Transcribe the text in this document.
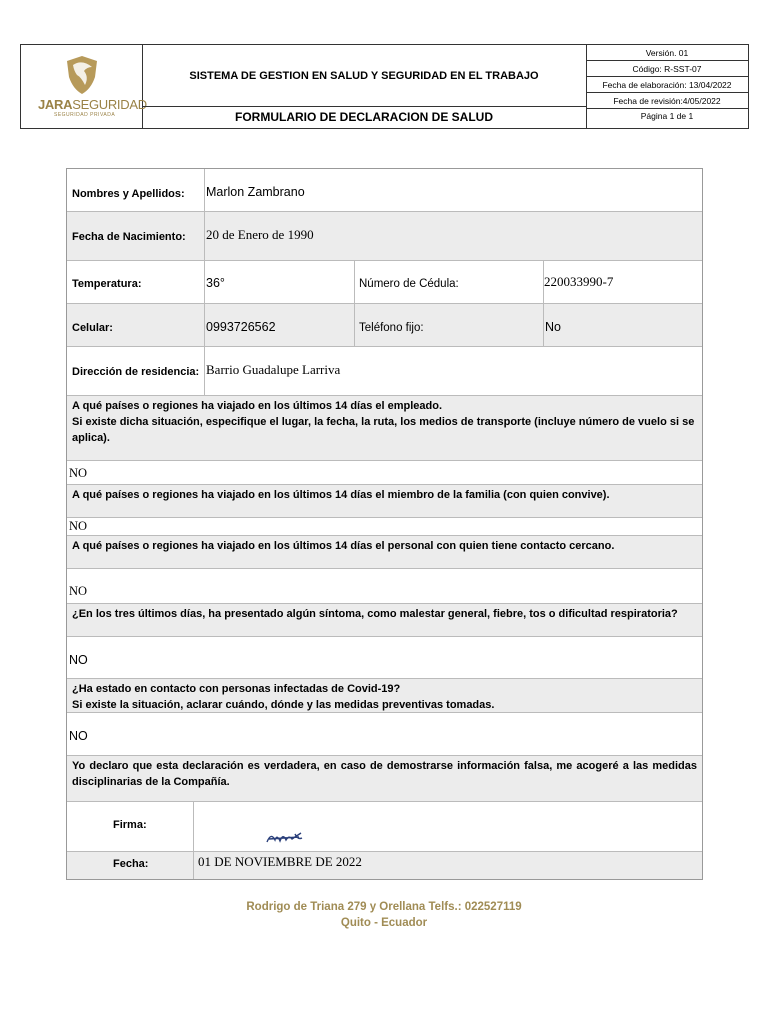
JARASEGURIDAD
SEGURIDAD PRIVADA
SISTEMA DE GESTION EN SALUD Y SEGURIDAD EN EL TRABAJO
FORMULARIO DE DECLARACION DE SALUD
Versión. 01
Código: R-SST-07
Fecha de elaboración: 13/04/2022
Fecha de revisión:4/05/2022
Página 1 de 1
Nombres y Apellidos: Marlon Zambrano
Fecha de Nacimiento: 20 de Enero de 1990
Temperatura:	36°	Número de Cédula:	220033990-7
Celular:	0993726562	Teléfono fijo:	No
Dirección de residencia: Barrio Guadalupe Larriva
A qué países o regiones ha viajado en los últimos 14 días el empleado.
Si existe dicha situación, especifique el lugar, la fecha, la ruta, los medios de transporte (incluye número de vuelo si se aplica).
NO
A qué países o regiones ha viajado en los últimos 14 días el miembro de la familia (con quien convive).
NO
A qué países o regiones ha viajado en los últimos 14 días el personal con quien tiene contacto cercano.
NO
¿En los tres últimos días, ha presentado algún síntoma, como malestar general, fiebre, tos o dificultad respiratoria?
NO
¿Ha estado en contacto con personas infectadas de Covid-19?
Si existe la situación, aclarar cuándo, dónde y las medidas preventivas tomadas.
NO
Yo declaro que esta declaración es verdadera, en caso de demostrarse información falsa, me acogeré a las medidas disciplinarias de la Compañía.
Firma:
Fecha:	01 DE NOVIEMBRE DE 2022
Rodrigo de Triana 279 y Orellana Telfs.: 022527119
Quito - Ecuador
